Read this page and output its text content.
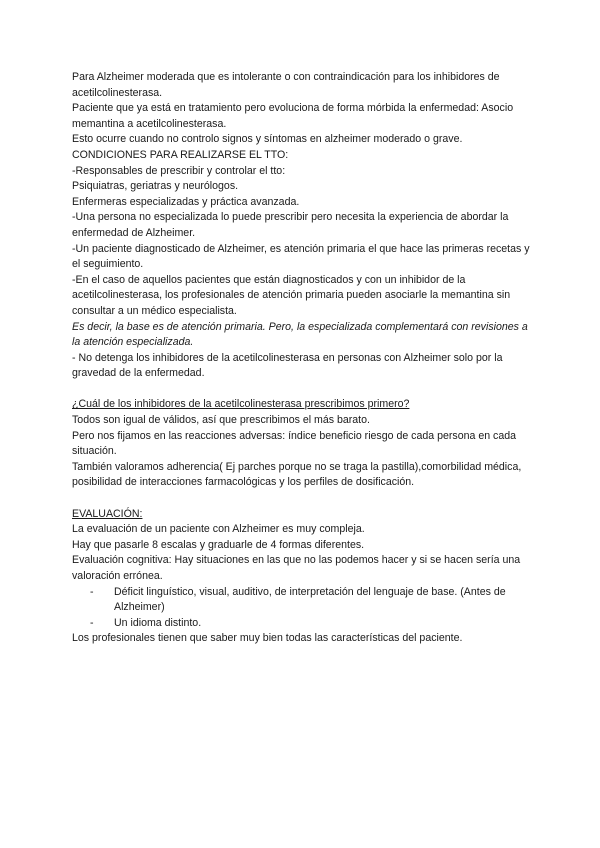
Para Alzheimer moderada que es intolerante o con contraindicación para los inhibidores de acetilcolinesterasa.

Paciente que ya está en tratamiento pero evoluciona de forma mórbida la enfermedad: Asocio memantina a acetilcolinesterasa.

Esto ocurre cuando no controlo signos y síntomas en alzheimer moderado o grave.

CONDICIONES PARA REALIZARSE EL TTO:

-Responsables de prescribir y controlar el tto:

Psiquiatras, geriatras y neurólogos.

Enfermeras especializadas y práctica avanzada.

-Una persona no especializada lo puede prescribir pero necesita la experiencia de abordar la enfermedad de Alzheimer.

-Un paciente diagnosticado de Alzheimer, es atención primaria el que hace las primeras recetas y el seguimiento.

-En el caso de aquellos pacientes que están diagnosticados y con un inhibidor de la acetilcolinesterasa, los profesionales de atención primaria pueden asociarle la memantina sin consultar a un médico especialista.

Es decir, la base es de atención primaria. Pero, la especializada complementará con revisiones a la atención especializada.

- No detenga los inhibidores de la acetilcolinesterasa en personas con Alzheimer solo por la gravedad de la enfermedad.

¿Cuál de los inhibidores de la acetilcolinesterasa prescribimos primero?

Todos son igual de válidos, así que prescribimos el más barato.

Pero nos fijamos en las reacciones adversas: índice beneficio riesgo de cada persona en cada situación.

También valoramos adherencia( Ej parches porque no se traga la pastilla),comorbilidad médica, posibilidad de interacciones farmacológicas y los perfiles de dosificación.

EVALUACIÓN:

La evaluación de un paciente con Alzheimer es muy compleja.

Hay que pasarle 8 escalas y graduarle de 4 formas diferentes.

Evaluación cognitiva: Hay situaciones en las que no las podemos hacer y si se hacen sería una valoración errónea.

-	Déficit linguístico, visual, auditivo, de interpretación del lenguaje de base. (Antes de Alzheimer)
-	Un idioma distinto.

Los profesionales tienen que saber muy bien todas las características del paciente.
